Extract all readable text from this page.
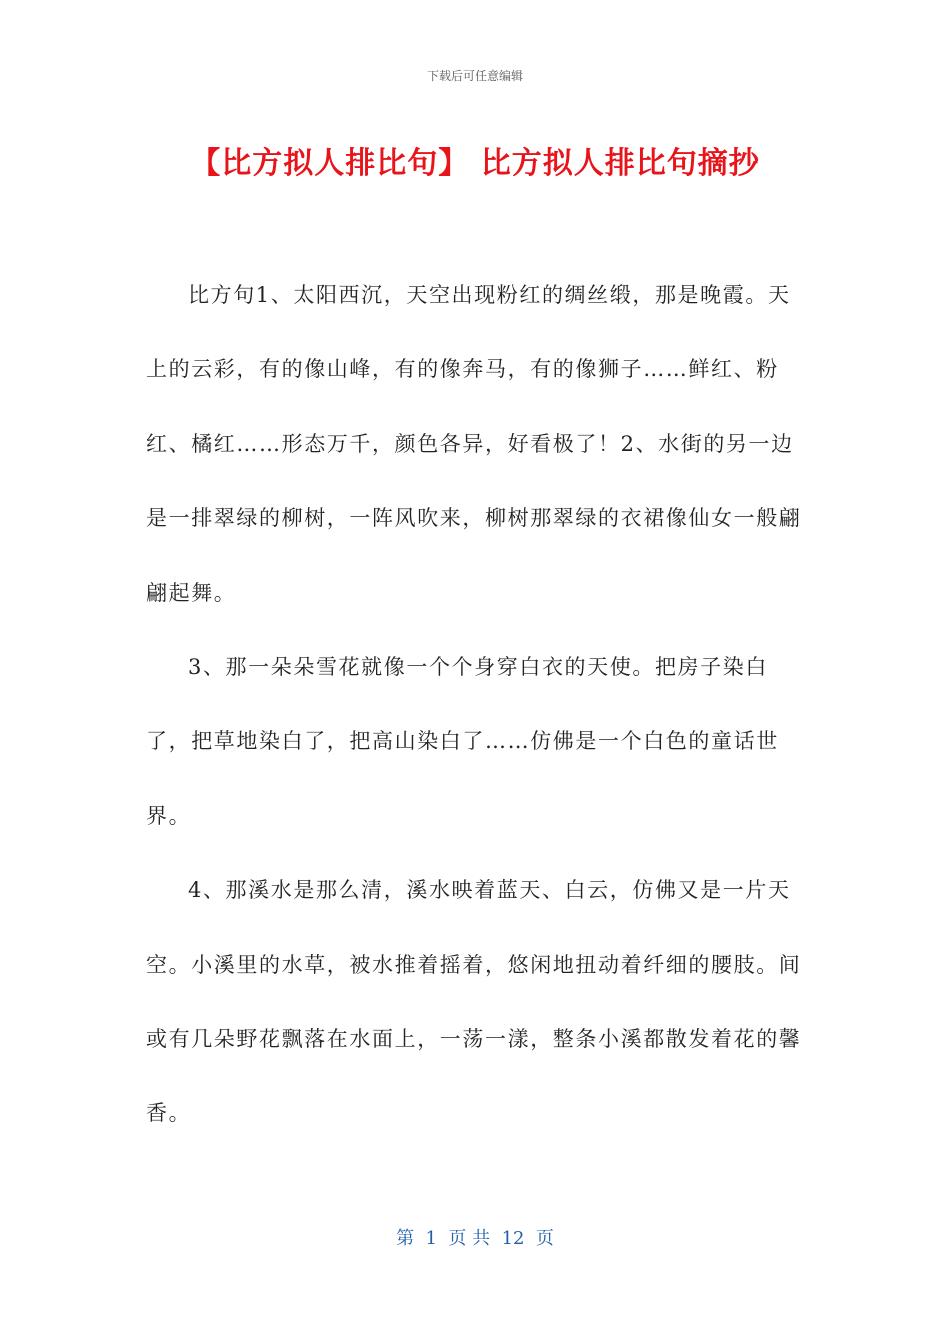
下载后可任意编辑
【比方拟人排比句】 比方拟人排比句摘抄

比方句1、太阳西沉，天空出现粉红的绸丝缎，那是晚霞。天上的云彩，有的像山峰，有的像奔马，有的像狮子……鲜红、粉红、橘红……形态万千，颜色各异，好看极了！2、水街的另一边是一排翠绿的柳树，一阵风吹来，柳树那翠绿的衣裙像仙女一般翩翩起舞。

3、那一朵朵雪花就像一个个身穿白衣的天使。把房子染白了，把草地染白了，把高山染白了……仿佛是一个白色的童话世界。

4、那溪水是那么清，溪水映着蓝天、白云，仿佛又是一片天空。小溪里的水草，被水推着摇着，悠闲地扭动着纤细的腰肢。间或有几朵野花飘落在水面上，一荡一漾，整条小溪都散发着花的馨香。

第  1  页 共  12  页
